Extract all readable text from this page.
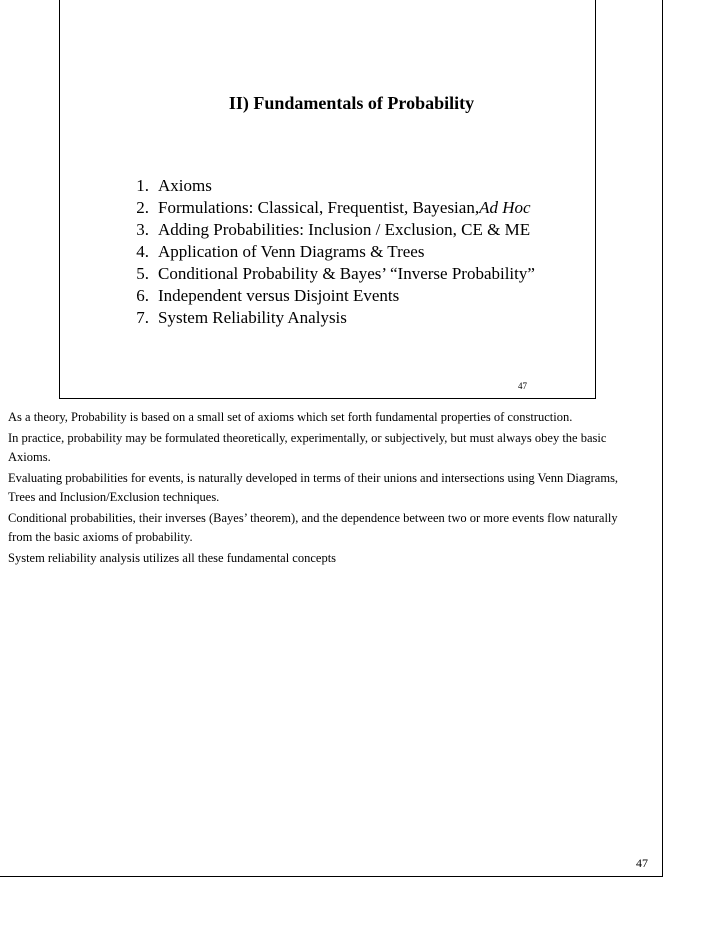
II) Fundamentals of Probability
1. Axioms
2. Formulations: Classical, Frequentist, Bayesian, Ad Hoc
3. Adding Probabilities: Inclusion / Exclusion, CE & ME
4. Application of Venn Diagrams & Trees
5. Conditional Probability & Bayes’ “Inverse Probability”
6. Independent versus Disjoint Events
7. System Reliability Analysis
47

As a theory, Probability is based on a small set of axioms which set forth fundamental properties of construction.

In practice, probability may be formulated theoretically, experimentally, or subjectively, but must always obey the basic Axioms.

Evaluating probabilities for events, is naturally developed in terms of their unions and intersections using Venn Diagrams, Trees and Inclusion/Exclusion techniques.

Conditional probabilities, their inverses (Bayes’ theorem), and the dependence between two or more events flow naturally from the basic axioms of probability.

System reliability analysis utilizes all these fundamental concepts

47
